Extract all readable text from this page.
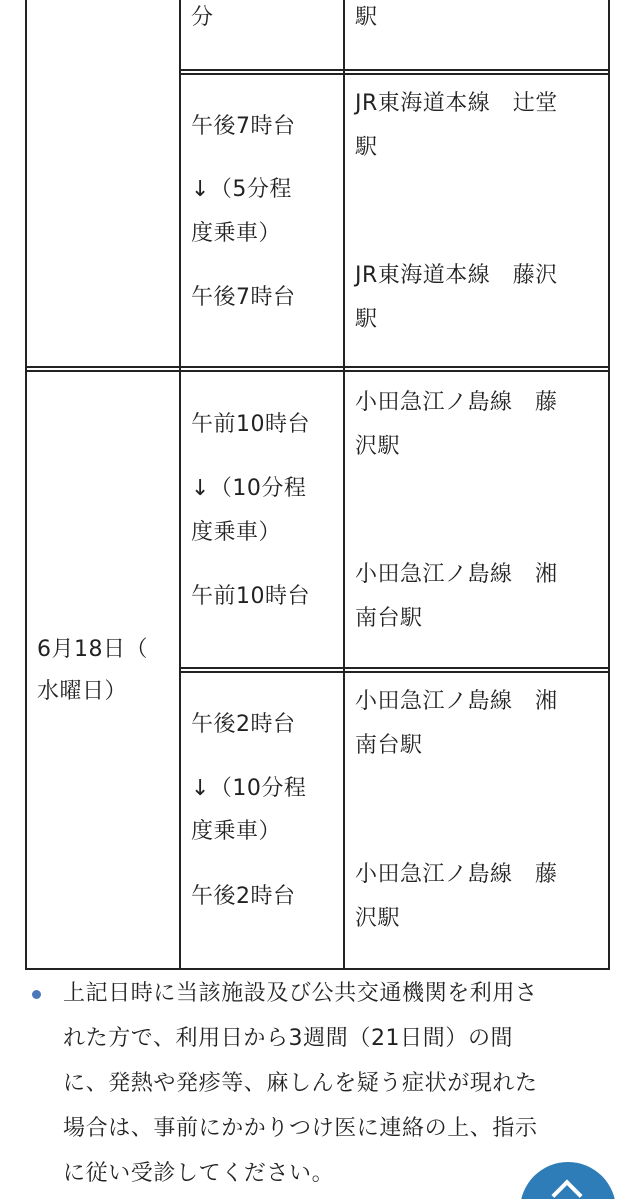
分	駅
午後7時台
↓（5分程
度乗車）
午後7時台
JR東海道本線　辻堂
駅
JR東海道本線　藤沢
駅
6月18日（
水曜日）
午前10時台
↓（10分程
度乗車）
午前10時台
小田急江ノ島線　藤
沢駅
小田急江ノ島線　湘
南台駅
午後2時台
↓（10分程
度乗車）
午後2時台
小田急江ノ島線　湘
南台駅
小田急江ノ島線　藤
沢駅
上記日時に当該施設及び公共交通機関を利用さ
れた方で、利用日から3週間（21日間）の間
に、発熱や発疹等、麻しんを疑う症状が現れた
場合は、事前にかかりつけ医に連絡の上、指示
に従い受診してください。
